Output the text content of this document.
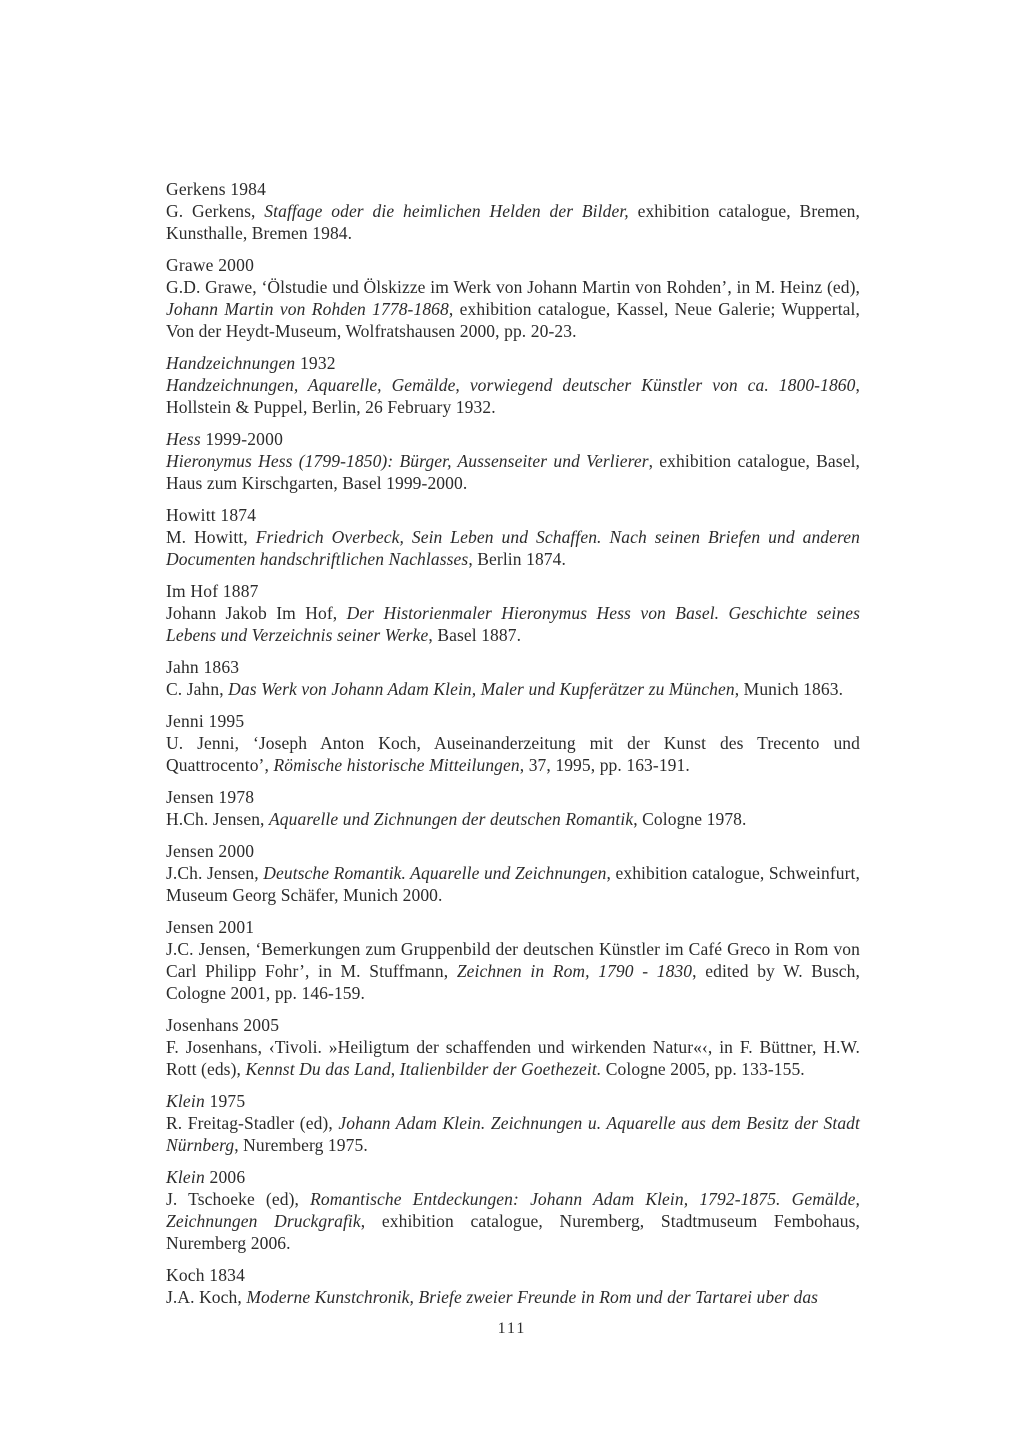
Gerkens 1984
G. Gerkens, Staffage oder die heimlichen Helden der Bilder, exhibition catalogue, Bremen, Kunsthalle, Bremen 1984.
Grawe 2000
G.D. Grawe, ‘Ölstudie und Ölskizze im Werk von Johann Martin von Rohden’, in M. Heinz (ed), Johann Martin von Rohden 1778-1868, exhibition catalogue, Kassel, Neue Galerie; Wuppertal, Von der Heydt-Museum, Wolfratshausen 2000, pp. 20-23.
Handzeichnungen 1932
Handzeichnungen, Aquarelle, Gemälde, vorwiegend deutscher Künstler von ca. 1800-1860, Hollstein & Puppel, Berlin, 26 February 1932.
Hess 1999-2000
Hieronymus Hess (1799-1850): Bürger, Aussenseiter und Verlierer, exhibition catalogue, Basel, Haus zum Kirschgarten, Basel 1999-2000.
Howitt 1874
M. Howitt, Friedrich Overbeck, Sein Leben und Schaffen. Nach seinen Briefen und anderen Documenten handschriftlichen Nachlasses, Berlin 1874.
Im Hof 1887
Johann Jakob Im Hof, Der Historienmaler Hieronymus Hess von Basel. Geschichte seines Lebens und Verzeichnis seiner Werke, Basel 1887.
Jahn 1863
C. Jahn, Das Werk von Johann Adam Klein, Maler und Kupferätzer zu München, Munich 1863.
Jenni 1995
U. Jenni, ‘Joseph Anton Koch, Auseinanderzeitung mit der Kunst des Trecento und Quattrocento’, Römische historische Mitteilungen, 37, 1995, pp. 163-191.
Jensen 1978
H.Ch. Jensen, Aquarelle und Zichnungen der deutschen Romantik, Cologne 1978.
Jensen 2000
J.Ch. Jensen, Deutsche Romantik. Aquarelle und Zeichnungen, exhibition catalogue, Schweinfurt, Museum Georg Schäfer, Munich 2000.
Jensen 2001
J.C. Jensen, ‘Bemerkungen zum Gruppenbild der deutschen Künstler im Café Greco in Rom von Carl Philipp Fohr’, in M. Stuffmann, Zeichnen in Rom, 1790 - 1830, edited by W. Busch, Cologne 2001, pp. 146-159.
Josenhans 2005
F. Josenhans, ‹Tivoli. »Heiligtum der schaffenden und wirkenden Natur«‹, in F. Büttner, H.W. Rott (eds), Kennst Du das Land, Italienbilder der Goethezeit. Cologne 2005, pp. 133-155.
Klein 1975
R. Freitag-Stadler (ed), Johann Adam Klein. Zeichnungen u. Aquarelle aus dem Besitz der Stadt Nürnberg, Nuremberg 1975.
Klein 2006
J. Tschoeke (ed), Romantische Entdeckungen: Johann Adam Klein, 1792-1875. Gemälde, Zeichnungen Druckgrafik, exhibition catalogue, Nuremberg, Stadtmuseum Fembohaus, Nuremberg 2006.
Koch 1834
J.A. Koch, Moderne Kunstchronik, Briefe zweier Freunde in Rom und der Tartarei uber das
111
